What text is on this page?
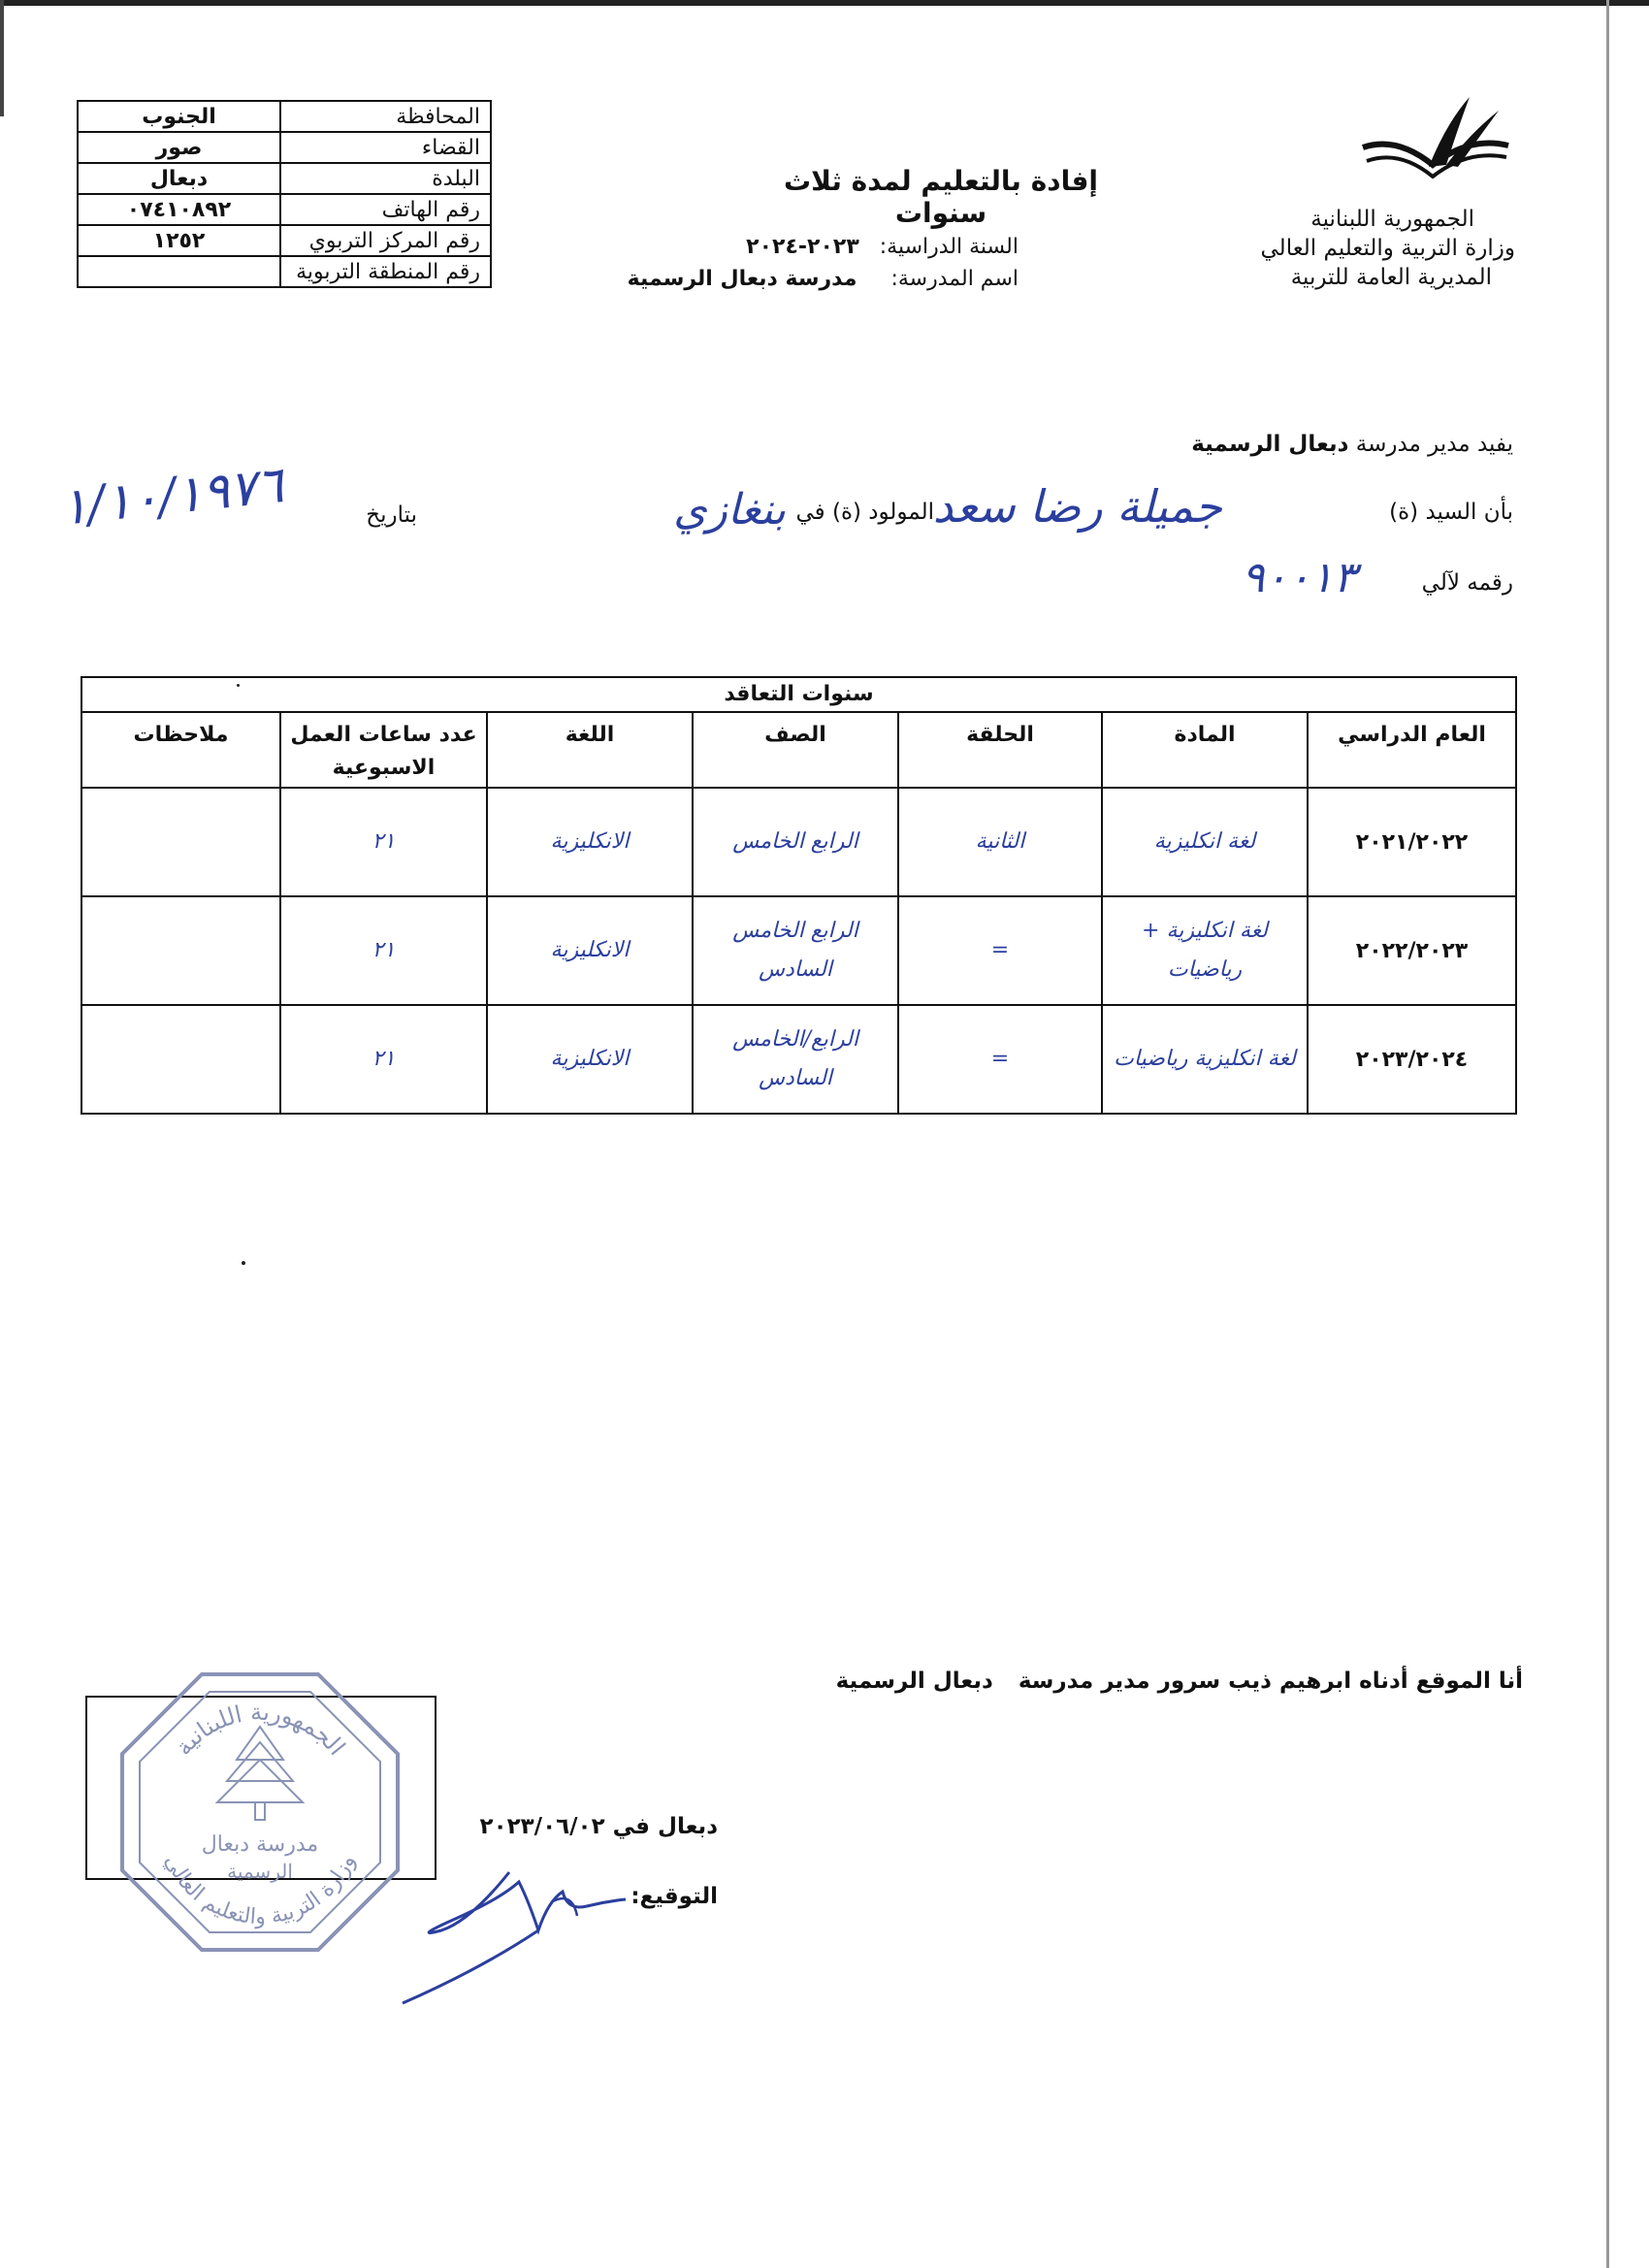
المحافظة	الجنوب
القضاء	صور
البلدة	دبعال
رقم الهاتف	٠٧٤١٠٨٩٢
رقم المركز التربوي	١٢٥٢
رقم المنطقة التربوية	
الجمهورية اللبنانية
وزارة التربية والتعليم العالي
المديرية العامة للتربية
إفادة بالتعليم لمدة ثلاث سنوات
السنة الدراسية: ٢٠٢٣-٢٠٢٤
اسم المدرسة: مدرسة دبعال الرسمية
يفيد مدير مدرسة دبعال الرسمية
بأن السيد (ة)
جميلة رضا سعد
المولود (ة) في
بنغازي
بتاريخ
١/١٠/١٩٧٦
رقمه لآلي
٩٠٠١٣
سنوات التعاقد						
العام الدراسي	المادة	الحلقة	الصف	اللغة	عدد ساعات العمل الاسبوعية	ملاحظات
٢٠٢١/٢٠٢٢	لغة انكليزية	الثانية	الرابع الخامس	الانكليزية	٢١	
٢٠٢٢/٢٠٢٣	لغة انكليزية + رياضيات	=	الرابع الخامس السادس	الانكليزية	٢١	
٢٠٢٣/٢٠٢٤	لغة انكليزية رياضيات	=	الرابع/الخامس السادس	الانكليزية	٢١	
أنا الموقع أدناه ابرهيم ذيب سرور مدير مدرسة دبعال الرسمية
الجمهورية اللبنانية
مدرسة دبعال
الرسمية
وزارة التربية والتعليم العالي
دبعال في ٢٠٢٣/٠٦/٠٢
التوقيع:
